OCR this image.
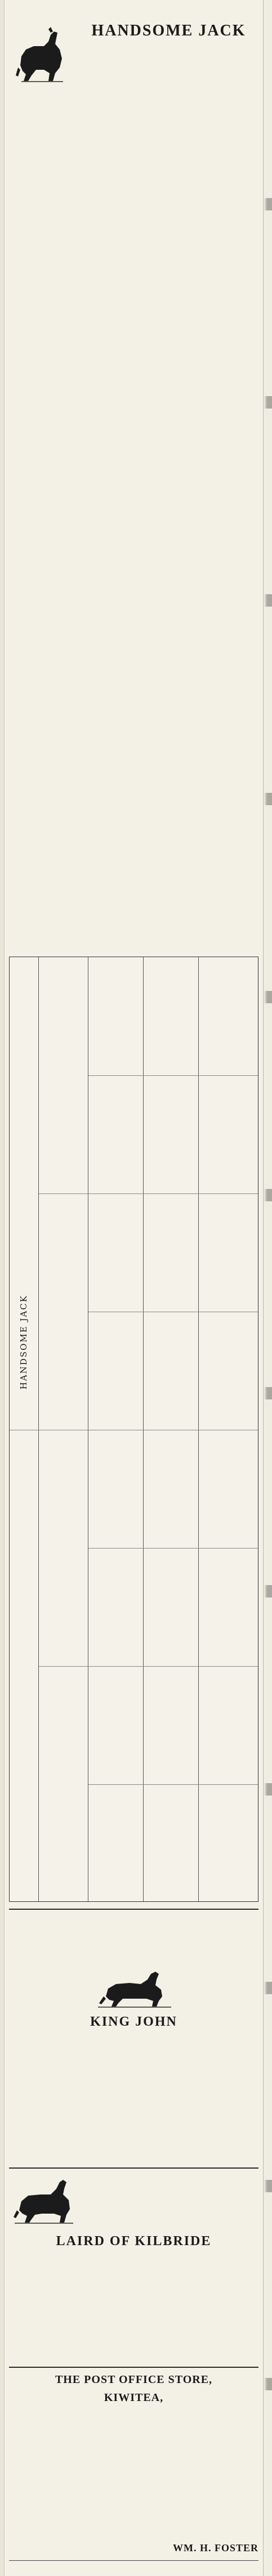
HANDSOME JACK
HANDSOME JACK
KING JOHN
LAIRD OF KILBRIDE
THE POST OFFICE STORE,
KIWITEA,
WM. H. FOSTER
